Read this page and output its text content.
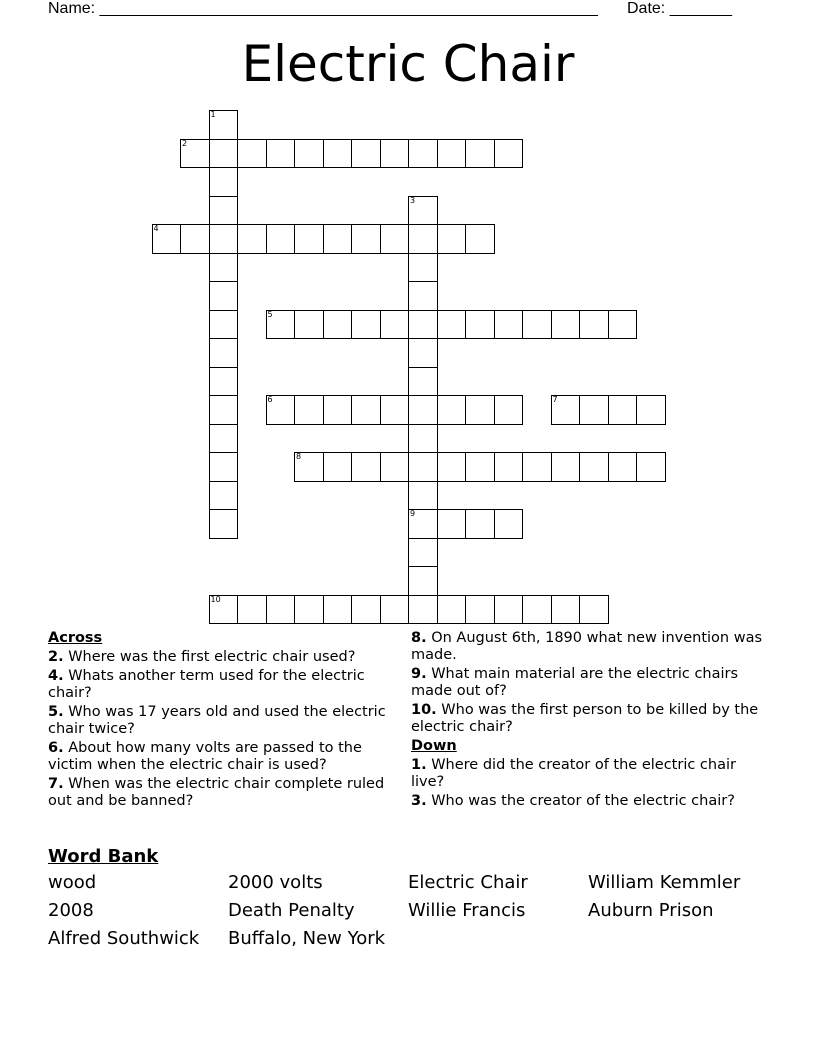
Name: ________________________________________________________ Date: _______
Electric Chair
1
2
3
9
4
5
6	7
8
10
Across
2. Where was the first electric chair used?
4. Whats another term used for the electric chair?
5. Who was 17 years old and used the electric chair twice?
6. About how many volts are passed to the victim when the electric chair is used?
7. When was the electric chair complete ruled out and be banned?
8. On August 6th, 1890 what new invention was made.
9. What main material are the electric chairs made out of?
10. Who was the first person to be killed by the electric chair?
Down
1. Where did the creator of the electric chair live?
3. Who was the creator of the electric chair?
Word Bank
wood	2000 volts	Electric Chair	William Kemmler
2008	Death Penalty	Willie Francis	Auburn Prison
Alfred Southwick	Buffalo, New York
